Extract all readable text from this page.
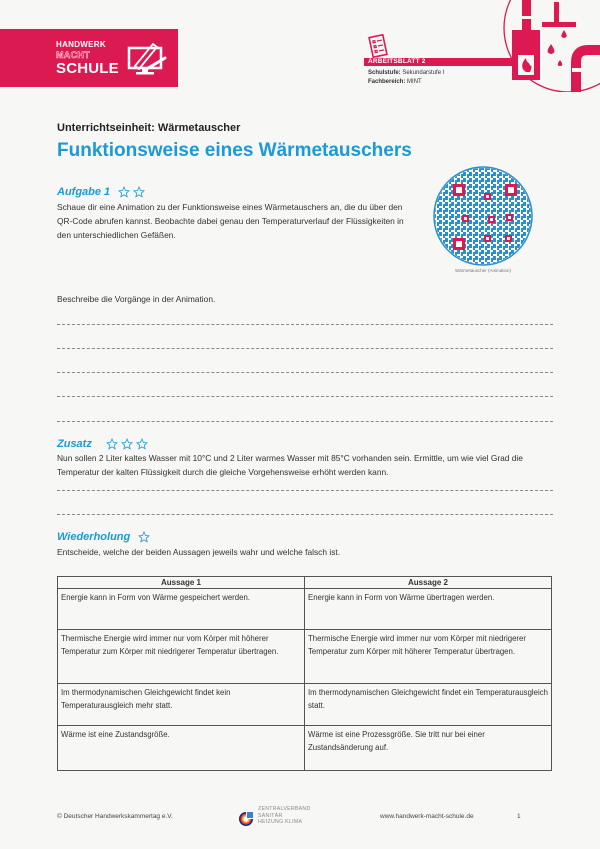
HANDWERK
MACHT
SCHULE	ARBEITSBLATT 2
Schulstufe: Sekundarstufe I
Fachbereich: MINT
Unterrichtseinheit: Wärmetauscher
Funktionsweise eines Wärmetauschers
Aufgabe 1
Schaue dir eine Animation zu der Funktionsweise eines Wärmetauschers an, die du über den QR-Code abrufen kannst. Beobachte dabei genau den Temperaturverlauf der Flüssigkeiten in den unterschiedlichen Gefäßen.
Wärmetauscher (Animation)
Beschreibe die Vorgänge in der Animation.
Zusatz
Nun sollen 2 Liter kaltes Wasser mit 10°C und 2 Liter warmes Wasser mit 85°C vorhanden sein. Ermittle, um wie viel Grad die Temperatur der kalten Flüssigkeit durch die gleiche Vorgehensweise erhöht werden kann.
Wiederholung
Entscheide, welche der beiden Aussagen jeweils wahr und welche falsch ist.
Aussage 1	Aussage 2
Energie kann in Form von Wärme gespeichert werden.	Energie kann in Form von Wärme übertragen werden.
Thermische Energie wird immer nur vom Körper mit höherer Temperatur zum Körper mit niedrigerer Temperatur übertragen.	Thermische Energie wird immer nur vom Körper mit niedrigerer Temperatur zum Körper mit höherer Temperatur übertragen.
Im thermodynamischen Gleichgewicht findet kein Temperaturausgleich mehr statt.	Im thermodynamischen Gleichgewicht findet ein Temperaturausgleich statt.
Wärme ist eine Zustandsgröße.	Wärme ist eine Prozessgröße. Sie tritt nur bei einer Zustandsänderung auf.
© Deutscher Handwerkskammertag e.V.
ZENTRALVERBAND
SANITÄR
HEIZUNG KLIMA
www.handwerk-macht-schule.de	1
